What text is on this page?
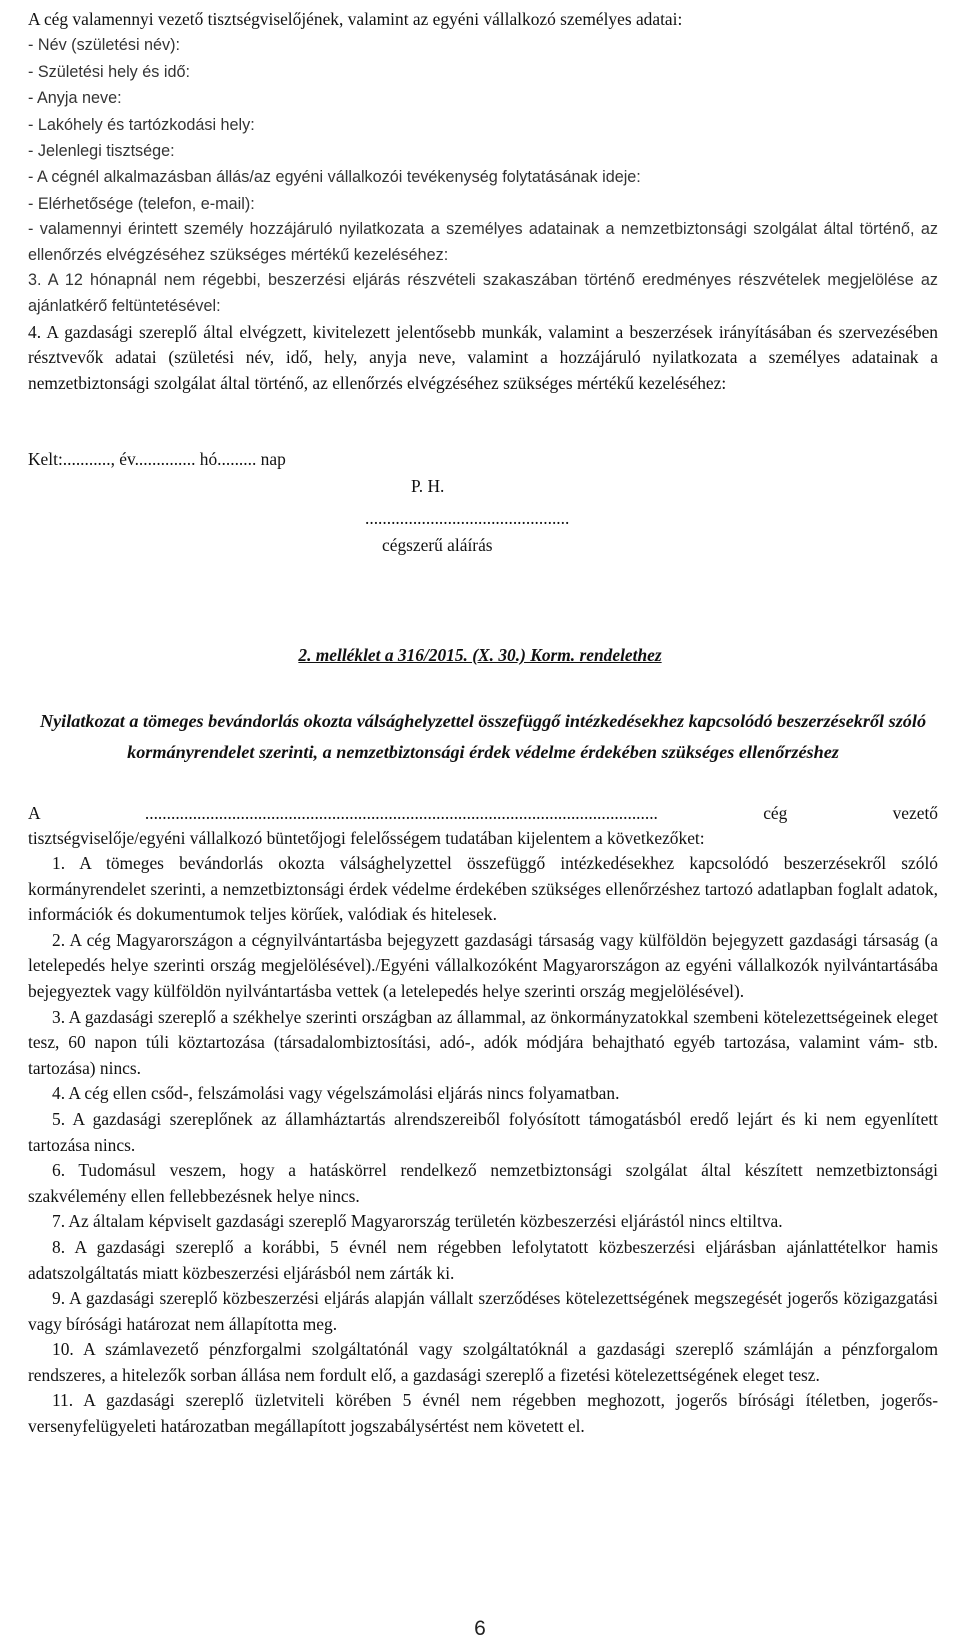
A cég valamennyi vezető tisztségviselőjének, valamint az egyéni vállalkozó személyes adatai:
- Név (születési név):
- Születési hely és idő:
- Anyja neve:
- Lakóhely és tartózkodási hely:
- Jelenlegi tisztsége:
- A cégnél alkalmazásban állás/az egyéni vállalkozói tevékenység folytatásának ideje:
- Elérhetősége (telefon, e-mail):
- valamennyi érintett személy hozzájáruló nyilatkozata a személyes adatainak a nemzetbiztonsági szolgálat által történő, az ellenőrzés elvégzéséhez szükséges mértékű kezeléséhez:
3. A 12 hónapnál nem régebbi, beszerzési eljárás részvételi szakaszában történő eredményes részvételek megjelölése az ajánlatkérő feltüntetésével:
4. A gazdasági szereplő által elvégzett, kivitelezett jelentősebb munkák, valamint a beszerzések irányításában és szervezésében résztvevők adatai (születési név, idő, hely, anyja neve, valamint a hozzájáruló nyilatkozata a személyes adatainak a nemzetbiztonsági szolgálat által történő, az ellenőrzés elvégzéséhez szükséges mértékű kezeléséhez:
Kelt:..........., év.............. hó......... nap
P. H.
...............................................
cégszerű aláírás
2. melléklet a 316/2015. (X. 30.) Korm. rendelethez
Nyilatkozat a tömeges bevándorlás okozta válsághelyzettel összefüggő intézkedésekhez kapcsolódó beszerzésekről szóló kormányrendelet szerinti, a nemzetbiztonsági érdek védelme érdekében szükséges ellenőrzéshez

A ...................................................................................................................... cég vezető

tisztségviselője/egyéni vállalkozó büntetőjogi felelősségem tudatában kijelentem a következőket:

1. A tömeges bevándorlás okozta válsághelyzettel összefüggő intézkedésekhez kapcsolódó beszerzésekről szóló kormányrendelet szerinti, a nemzetbiztonsági érdek védelme érdekében szükséges ellenőrzéshez tartozó adatlapban foglalt adatok, információk és dokumentumok teljes körűek, valódiak és hitelesek.

2. A cég Magyarországon a cégnyilvántartásba bejegyzett gazdasági társaság vagy külföldön bejegyzett gazdasági társaság (a letelepedés helye szerinti ország megjelölésével)./Egyéni vállalkozóként Magyarországon az egyéni vállalkozók nyilvántartásába bejegyeztek vagy külföldön nyilvántartásba vettek (a letelepedés helye szerinti ország megjelölésével).

3. A gazdasági szereplő a székhelye szerinti országban az állammal, az önkormányzatokkal szembeni kötelezettségeinek eleget tesz, 60 napon túli köztartozása (társadalombiztosítási, adó-, adók módjára behajtható egyéb tartozása, valamint vám- stb. tartozása) nincs.

4. A cég ellen csőd-, felszámolási vagy végelszámolási eljárás nincs folyamatban.

5. A gazdasági szereplőnek az államháztartás alrendszereiből folyósított támogatásból eredő lejárt és ki nem egyenlített tartozása nincs.

6. Tudomásul veszem, hogy a hatáskörrel rendelkező nemzetbiztonsági szolgálat által készített nemzetbiztonsági szakvélemény ellen fellebbezésnek helye nincs.

7. Az általam képviselt gazdasági szereplő Magyarország területén közbeszerzési eljárástól nincs eltiltva.

8. A gazdasági szereplő a korábbi, 5 évnél nem régebben lefolytatott közbeszerzési eljárásban ajánlattételkor hamis adatszolgáltatás miatt közbeszerzési eljárásból nem zárták ki.

9. A gazdasági szereplő közbeszerzési eljárás alapján vállalt szerződéses kötelezettségének megszegését jogerős közigazgatási vagy bírósági határozat nem állapította meg.

10. A számlavezető pénzforgalmi szolgáltatónál vagy szolgáltatóknál a gazdasági szereplő számláján a pénzforgalom rendszeres, a hitelezők sorban állása nem fordult elő, a gazdasági szereplő a fizetési kötelezettségének eleget tesz.

11. A gazdasági szereplő üzletviteli körében 5 évnél nem régebben meghozott, jogerős bírósági ítéletben, jogerős- versenyfelügyeleti határozatban megállapított jogszabálysértést nem követett el.

6
